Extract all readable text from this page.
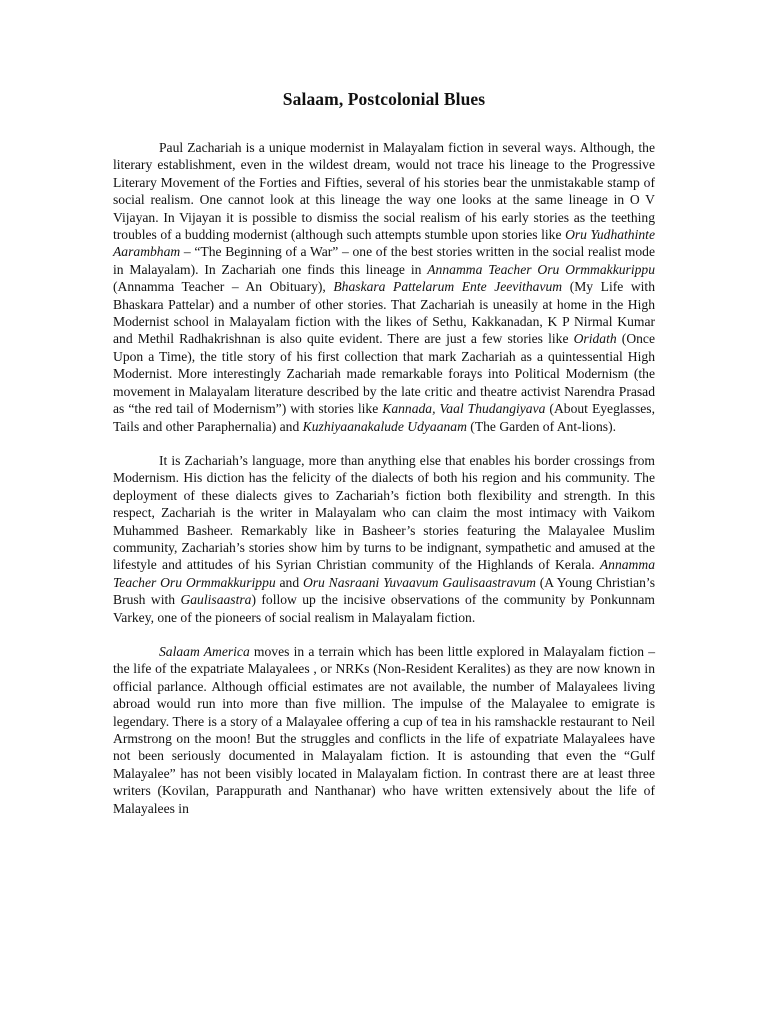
Salaam, Postcolonial Blues

Paul Zachariah is a unique modernist in Malayalam fiction in several ways. Although, the literary establishment, even in the wildest dream, would not trace his lineage to the Progressive Literary Movement of the Forties and Fifties, several of his stories bear the unmistakable stamp of social realism. One cannot look at this lineage the way one looks at the same lineage in O V Vijayan. In Vijayan it is possible to dismiss the social realism of his early stories as the teething troubles of a budding modernist (although such attempts stumble upon stories like Oru Yudhathinte Aarambham – “The Beginning of a War” – one of the best stories written in the social realist mode in Malayalam). In Zachariah one finds this lineage in Annamma Teacher Oru Ormmakkurippu (Annamma Teacher – An Obituary), Bhaskara Pattelarum Ente Jeevithavum (My Life with Bhaskara Pattelar) and a number of other stories. That Zachariah is uneasily at home in the High Modernist school in Malayalam fiction with the likes of Sethu, Kakkanadan, K P Nirmal Kumar and Methil Radhakrishnan is also quite evident. There are just a few stories like Oridath (Once Upon a Time), the title story of his first collection that mark Zachariah as a quintessential High Modernist. More interestingly Zachariah made remarkable forays into Political Modernism (the movement in Malayalam literature described by the late critic and theatre activist Narendra Prasad as “the red tail of Modernism”) with stories like Kannada, Vaal Thudangiyava (About Eyeglasses, Tails and other Paraphernalia) and Kuzhiyaanakalude Udyaanam (The Garden of Ant-lions).

It is Zachariah’s language, more than anything else that enables his border crossings from Modernism. His diction has the felicity of the dialects of both his region and his community. The deployment of these dialects gives to Zachariah’s fiction both flexibility and strength. In this respect, Zachariah is the writer in Malayalam who can claim the most intimacy with Vaikom Muhammed Basheer. Remarkably like in Basheer’s stories featuring the Malayalee Muslim community, Zachariah’s stories show him by turns to be indignant, sympathetic and amused at the lifestyle and attitudes of his Syrian Christian community of the Highlands of Kerala. Annamma Teacher Oru Ormmakkurippu and Oru Nasraani Yuvaavum Gaulisaastravum (A Young Christian’s Brush with Gaulisaastra) follow up the incisive observations of the community by Ponkunnam Varkey, one of the pioneers of social realism in Malayalam fiction.

Salaam America moves in a terrain which has been little explored in Malayalam fiction – the life of the expatriate Malayalees , or NRKs (Non-Resident Keralites) as they are now known in official parlance. Although official estimates are not available, the number of Malayalees living abroad would run into more than five million. The impulse of the Malayalee to emigrate is legendary. There is a story of a Malayalee offering a cup of tea in his ramshackle restaurant to Neil Armstrong on the moon! But the struggles and conflicts in the life of expatriate Malayalees have not been seriously documented in Malayalam fiction. It is astounding that even the “Gulf Malayalee” has not been visibly located in Malayalam fiction. In contrast there are at least three writers (Kovilan, Parappurath and Nanthanar) who have written extensively about the life of Malayalees in
